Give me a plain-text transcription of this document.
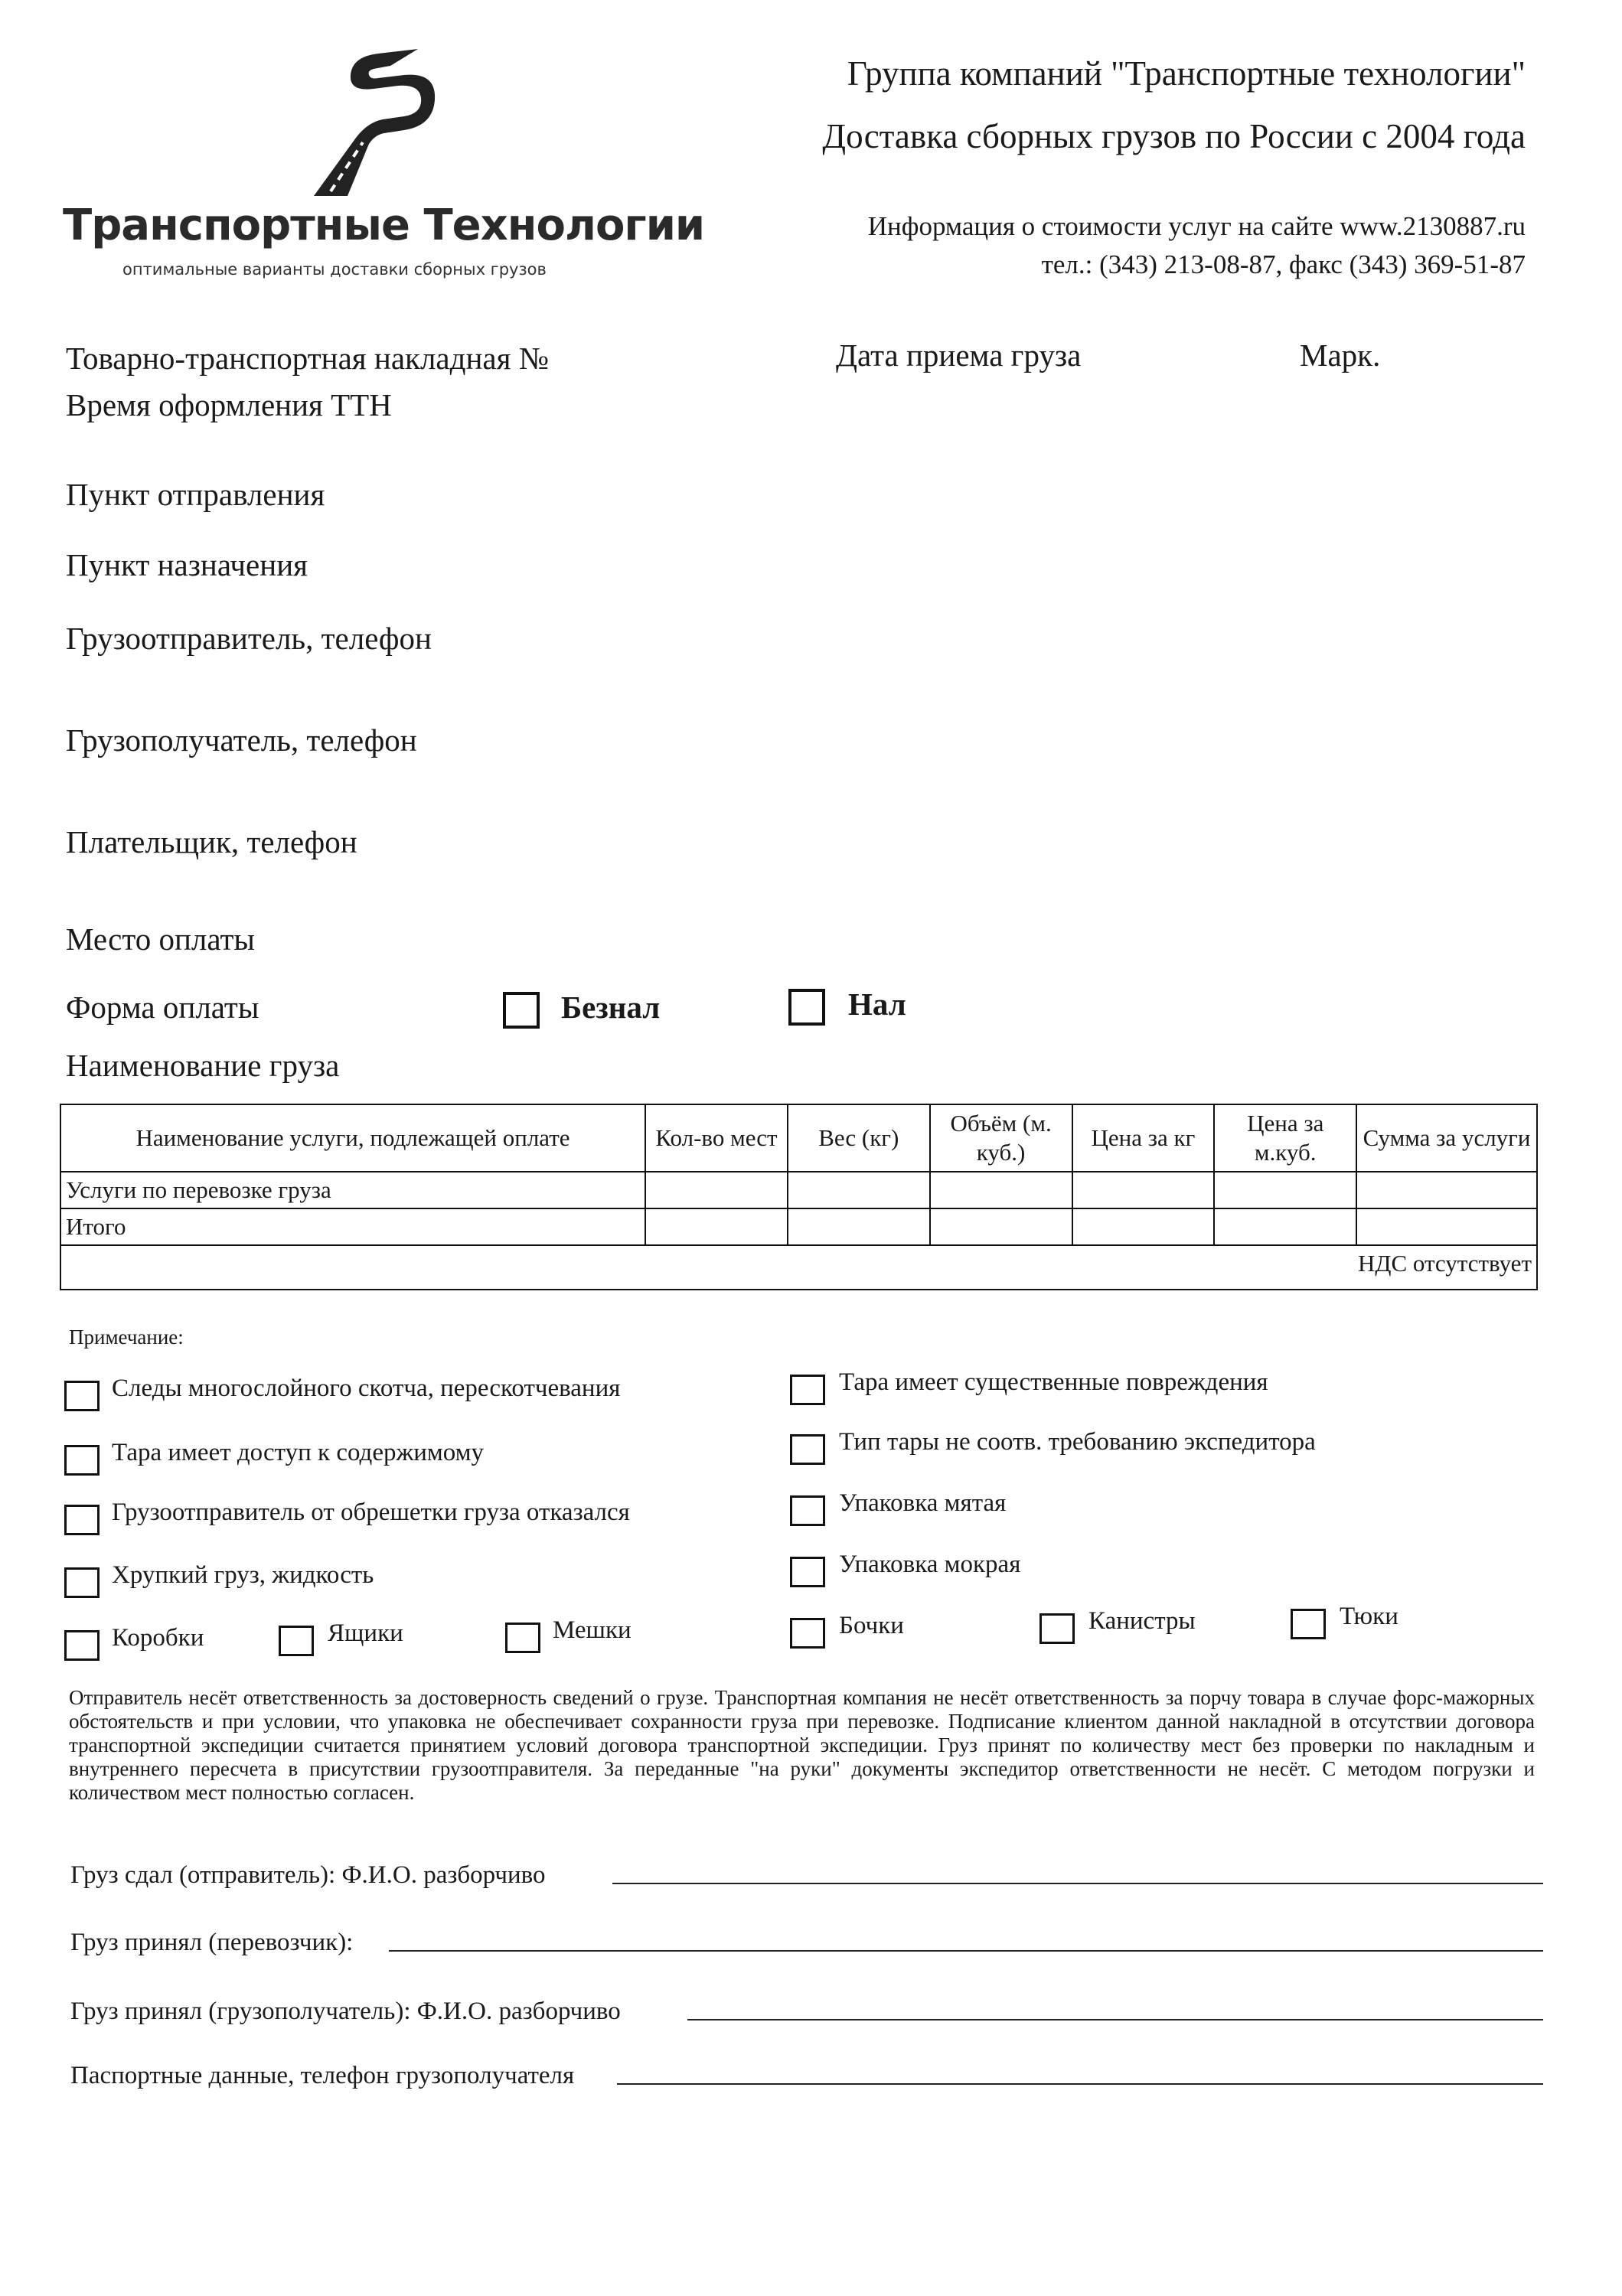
Транспортные Технологии
оптимальные варианты доставки сборных грузов
Группа компаний "Транспортные технологии"
Доставка сборных грузов по России с 2004 года
Информация о стоимости услуг на сайте www.2130887.ru
тел.: (343) 213-08-87, факс (343) 369-51-87
Товарно-транспортная накладная №	Дата приема груза	Марк.
Время оформления ТТН
Пункт отправления
Пункт назначения
Грузоотправитель, телефон
Грузополучатель, телефон
Плательщик, телефон
Место оплаты
Форма оплаты	Безнал	Нал
Наименование груза
Наименование услуги, подлежащей оплате	Кол-во мест	Вес (кг)	Объём (м. куб.)	Цена за кг	Цена за м.куб.	Сумма за услуги
Услуги по перевозке груза						
Итого						
НДС отсутствует						
Примечание:
Следы многослойного скотча, перескотчевания
Тара имеет доступ к содержимому
Грузоотправитель от обрешетки груза отказался
Хрупкий груз, жидкость
Тара имеет существенные повреждения
Тип тары не соотв. требованию экспедитора
Упаковка мятая
Упаковка мокрая
Коробки	Ящики	Мешки	Бочки	Канистры	Тюки
Отправитель несёт ответственность за достоверность сведений о грузе. Транспортная компания не несёт ответственность за порчу товара в случае форс-мажорных обстоятельств и при условии, что упаковка не обеспечивает сохранности груза при перевозке. Подписание клиентом данной накладной в отсутствии договора транспортной экспедиции считается принятием условий договора транспортной экспедиции. Груз принят по количеству мест без проверки по накладным и внутреннего пересчета в присутствии грузоотправителя. За переданные "на руки" документы экспедитор ответственности не несёт. С методом погрузки и количеством мест полностью согласен.
Груз сдал (отправитель): Ф.И.О. разборчиво
Груз принял (перевозчик):
Груз принял (грузополучатель): Ф.И.О. разборчиво
Паспортные данные, телефон грузополучателя
